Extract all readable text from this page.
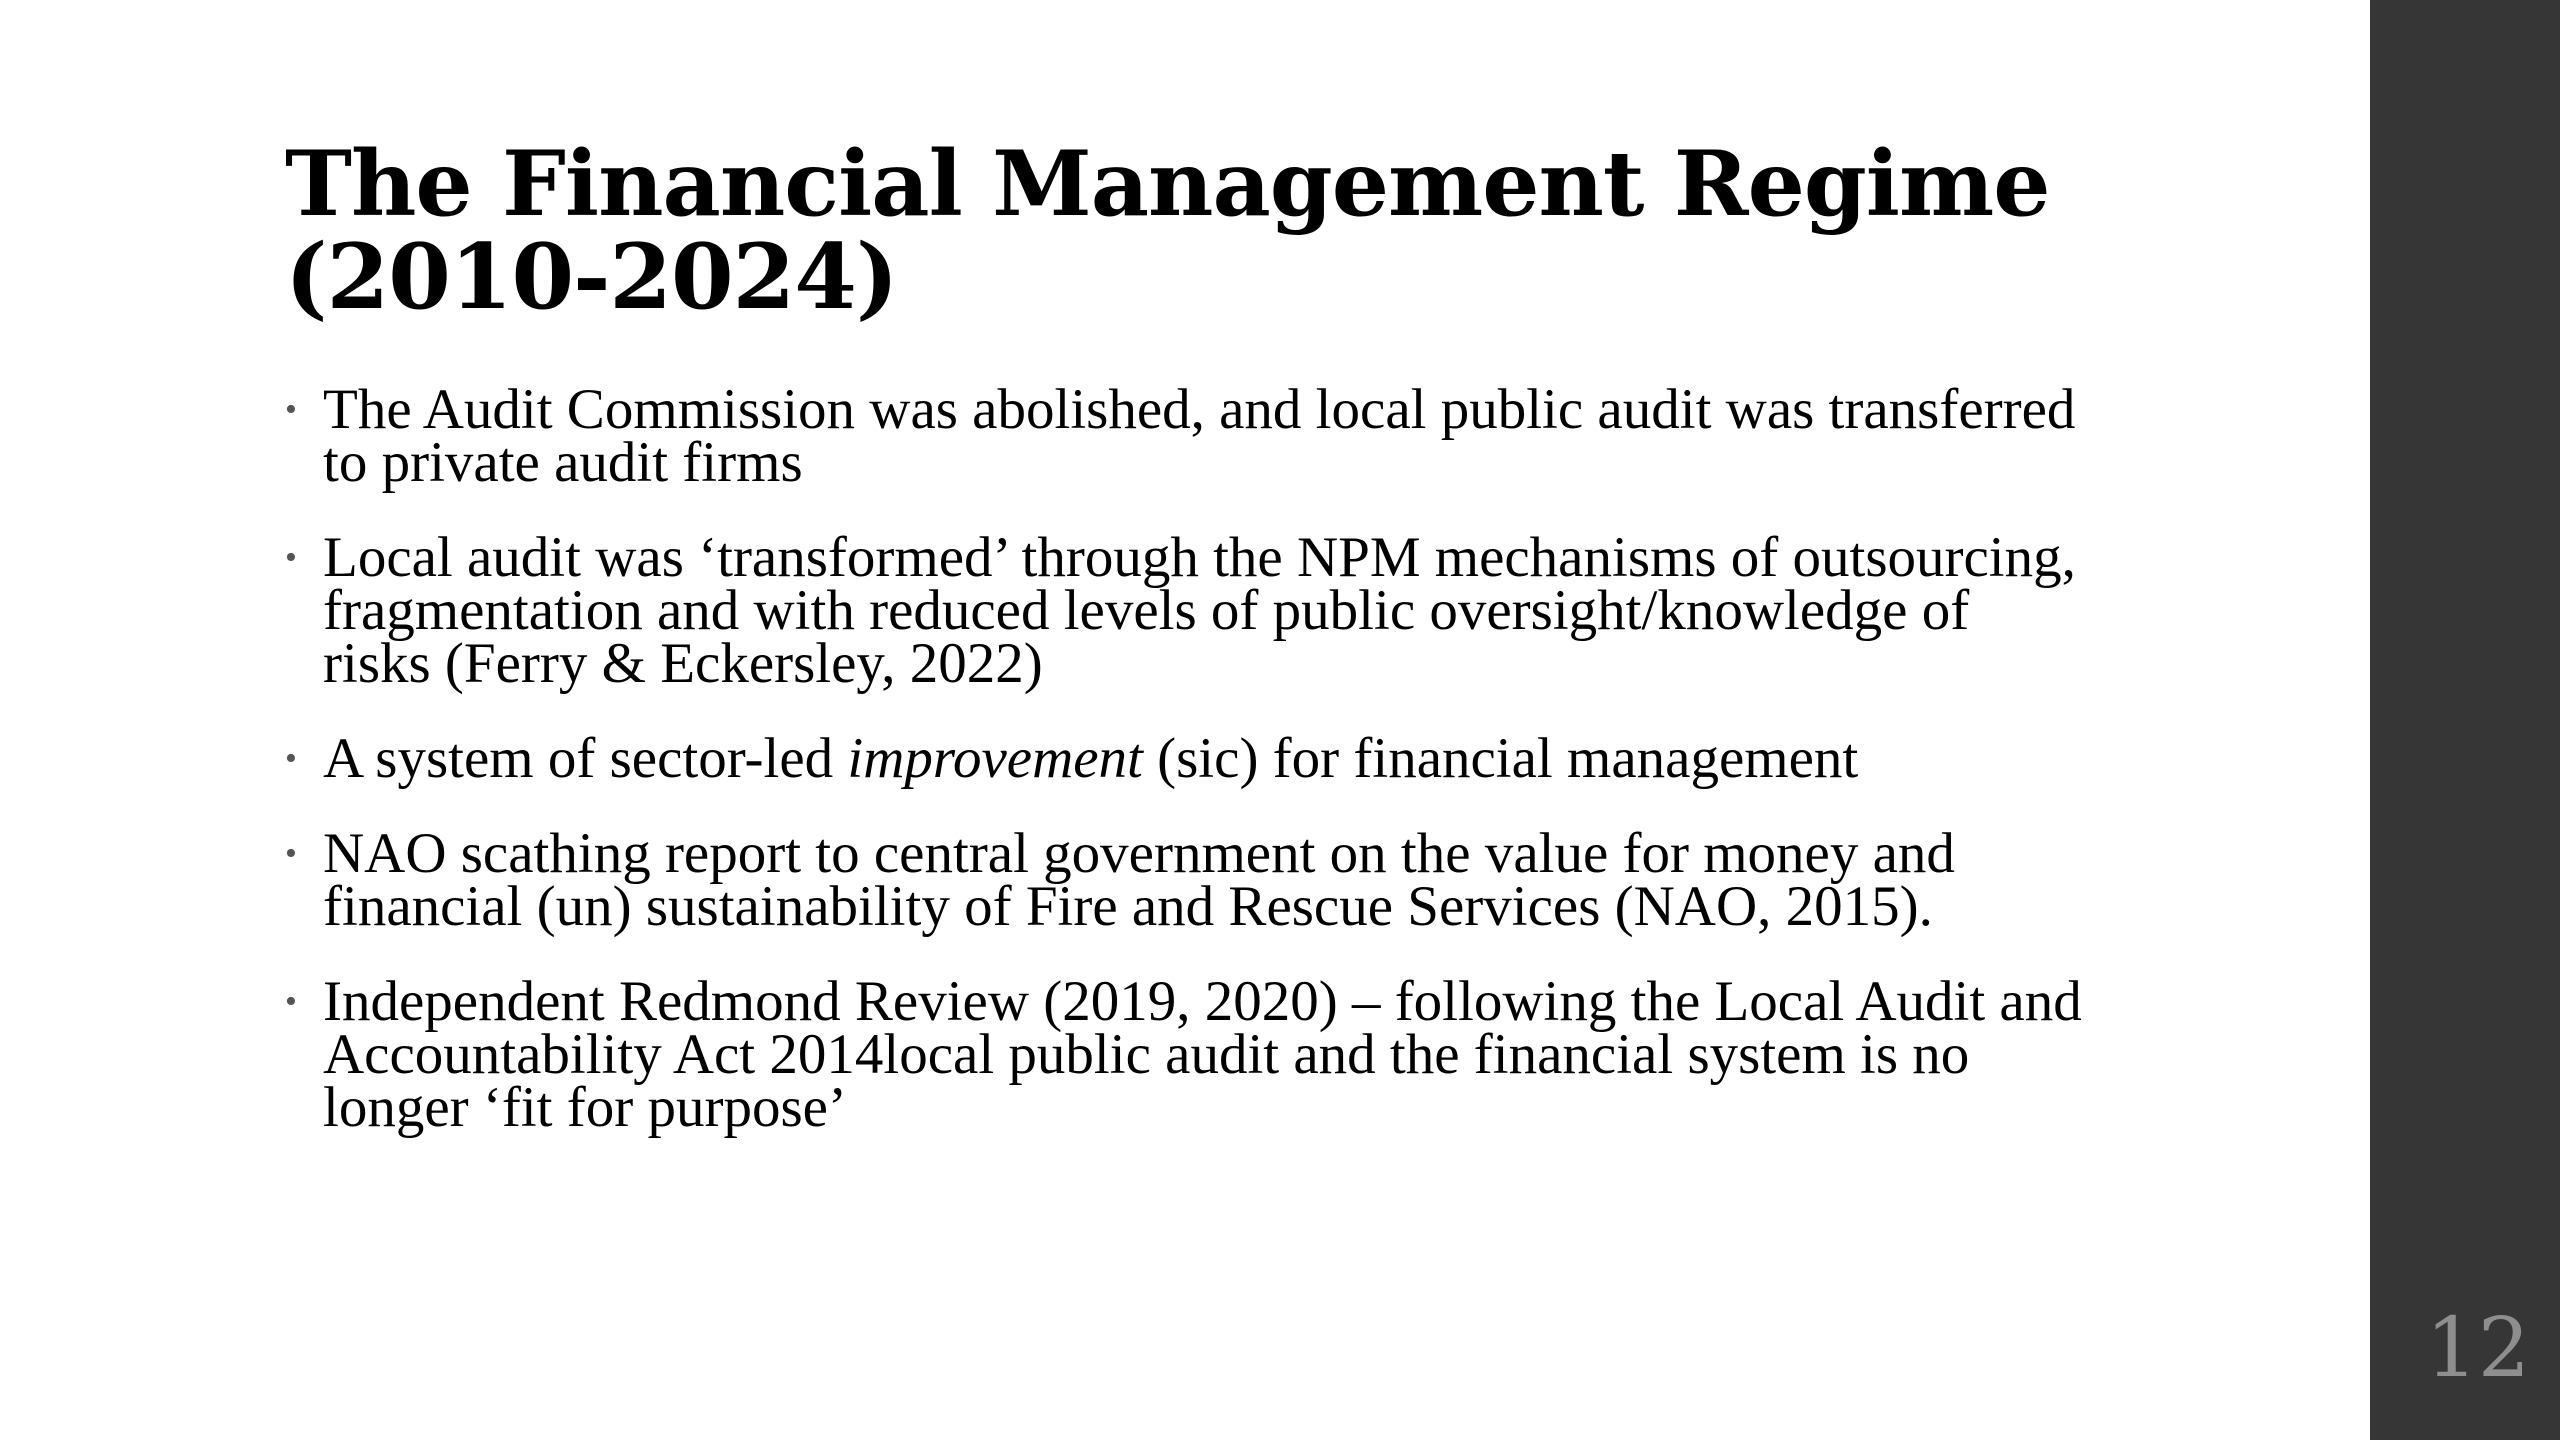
The Financial Management Regime (2010-2024)
• The Audit Commission was abolished, and local public audit was transferred to private audit firms
• Local audit was ‘transformed’ through the NPM mechanisms of outsourcing, fragmentation and with reduced levels of public oversight/knowledge of risks (Ferry & Eckersley, 2022)
• A system of sector-led improvement (sic) for financial management
• NAO scathing report to central government on the value for money and financial (un) sustainability of Fire and Rescue Services (NAO, 2015).
• Independent Redmond Review (2019, 2020) – following the Local Audit and Accountability Act 2014local public audit and the financial system is no longer ‘fit for purpose’
12
